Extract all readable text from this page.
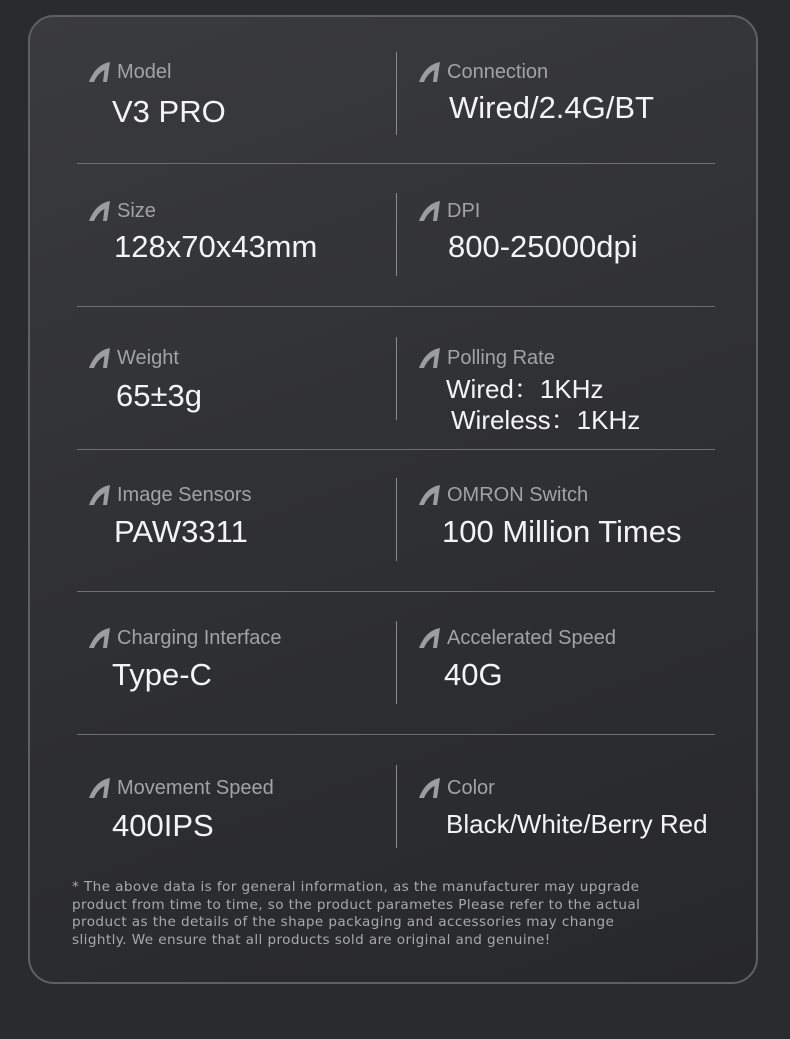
Model
V3 PRO
Connection
Wired/2.4G/BT
Size
128x70x43mm
DPI
800-25000dpi
Weight
65±3g
Polling Rate
Wired：1KHz
Wireless：1KHz
Image Sensors
PAW3311
OMRON Switch
100 Million Times
Charging Interface
Type-C
Accelerated Speed
40G
Movement Speed
400IPS
Color
Black/White/Berry Red
* The above data is for general information, as the manufacturer may upgrade
product from time to time, so the product parametes Please refer to the actual
product as the details of the shape packaging and accessories may change
slightly. We ensure that all products sold are original and genuine!
